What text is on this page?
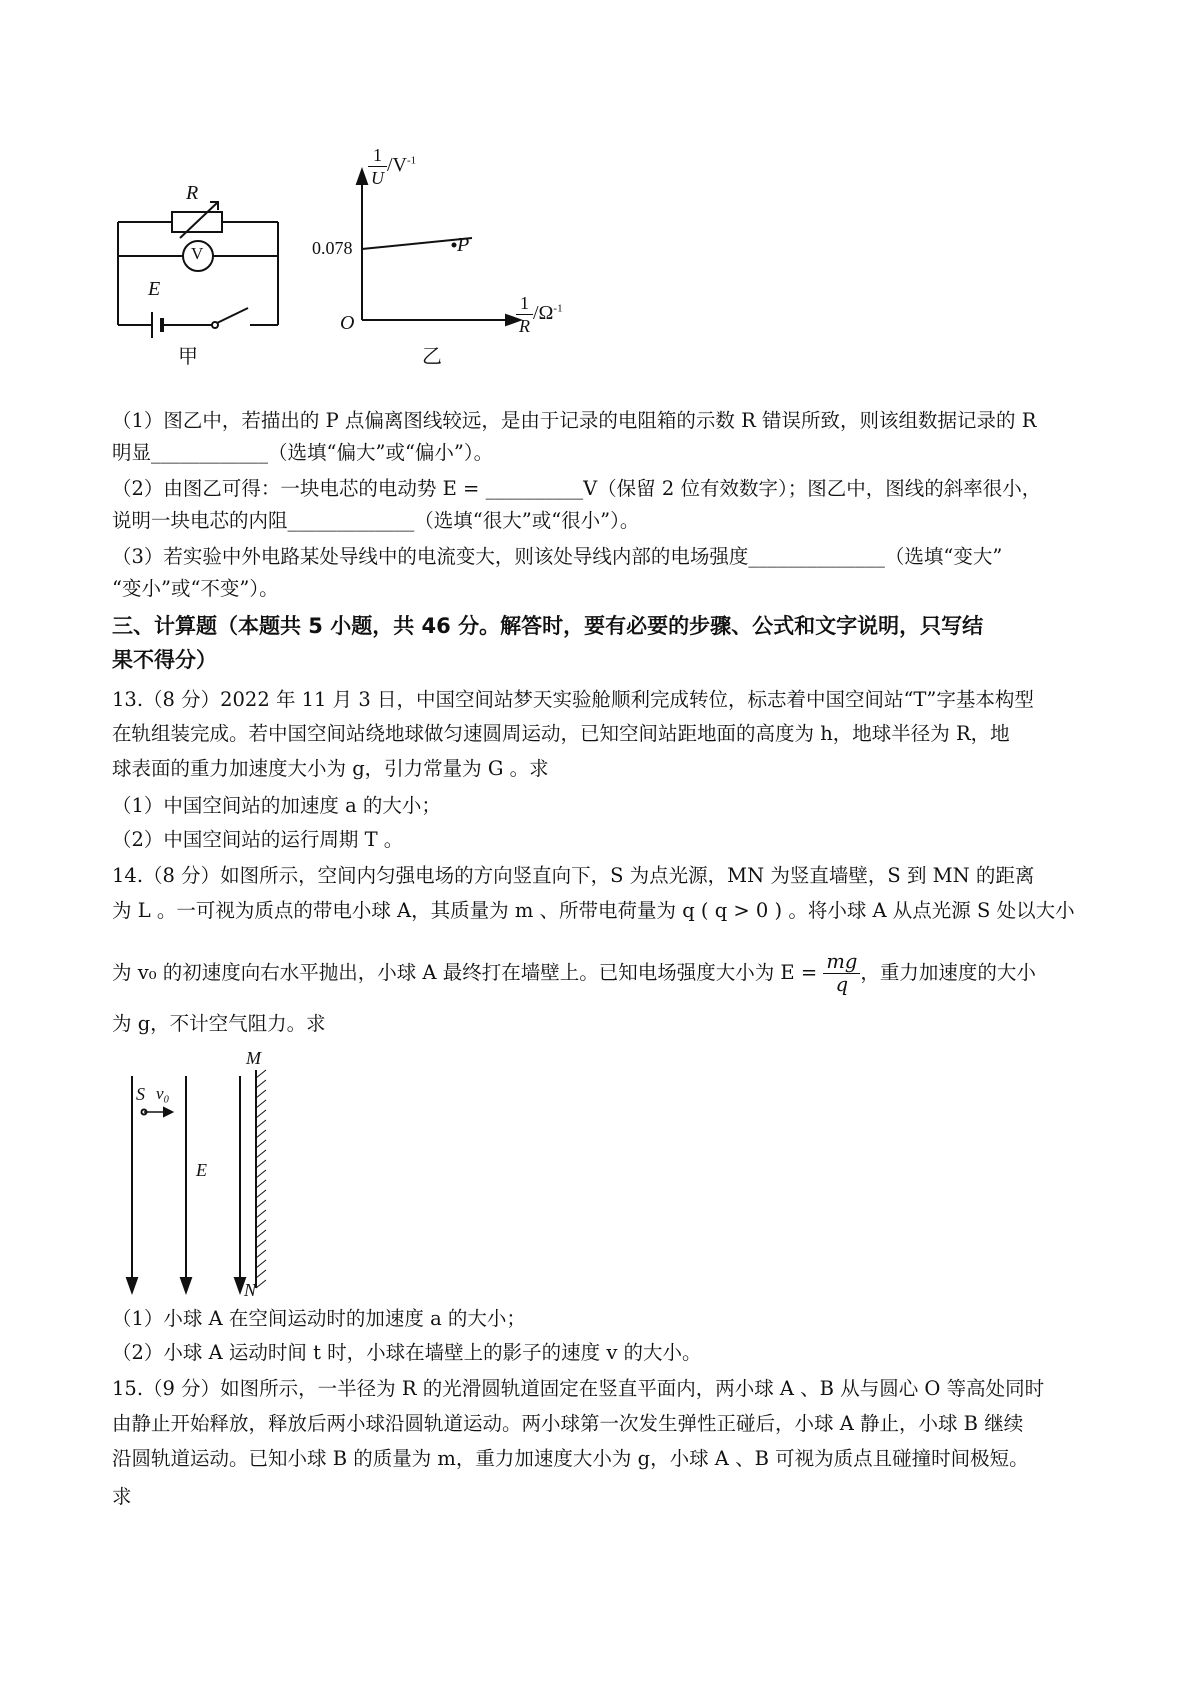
R
V
E
甲
$\frac{1}{U} /V^{-1}$
0.078	P
O	$\frac{1}{R} /\Omega^{-1}$
乙
（1）图乙中，若描出的 P 点偏离图线较远，是由于记录的电阻箱的示数 R 错误所致，则该组数据记录的 R
明显____________（选填“偏大”或“偏小”）。
（2）由图乙可得：一块电芯的电动势 E = __________V（保留 2 位有效数字）；图乙中，图线的斜率很小，
说明一块电芯的内阻_____________（选填“很大”或“很小”）。
（3）若实验中外电路某处导线中的电流变大，则该处导线内部的电场强度______________（选填“变大”
“变小”或“不变”）。
三、计算题（本题共 5 小题，共 46 分。解答时，要有必要的步骤、公式和文字说明，只写结
果不得分）
13.（8 分）2022 年 11 月 3 日，中国空间站梦天实验舱顺利完成转位，标志着中国空间站“T”字基本构型
在轨组装完成。若中国空间站绕地球做匀速圆周运动，已知空间站距地面的高度为 h，地球半径为 R，地
球表面的重力加速度大小为 g，引力常量为 G 。求
（1）中国空间站的加速度 a 的大小；
（2）中国空间站的运行周期 T 。
14.（8 分）如图所示，空间内匀强电场的方向竖直向下，S 为点光源，MN 为竖直墙壁，S 到 MN 的距离
为 L 。一可视为质点的带电小球 A，其质量为 m 、所带电荷量为 q ( q > 0 ) 。将小球 A 从点光源 S 处以大小
为 v₀ 的初速度向右水平抛出，小球 A 最终打在墙壁上。已知电场强度大小为 $E = \frac{mg}{q}$ ，重力加速度的大小
为 g，不计空气阻力。求
S v₀
E
M
N
（1）小球 A 在空间运动时的加速度 a 的大小；
（2）小球 A 运动时间 t 时，小球在墙壁上的影子的速度 v 的大小。
15.（9 分）如图所示，一半径为 R 的光滑圆轨道固定在竖直平面内，两小球 A 、B 从与圆心 O 等高处同时
由静止开始释放，释放后两小球沿圆轨道运动。两小球第一次发生弹性正碰后，小球 A 静止，小球 B 继续
沿圆轨道运动。已知小球 B 的质量为 m，重力加速度大小为 g，小球 A 、B 可视为质点且碰撞时间极短。
求
